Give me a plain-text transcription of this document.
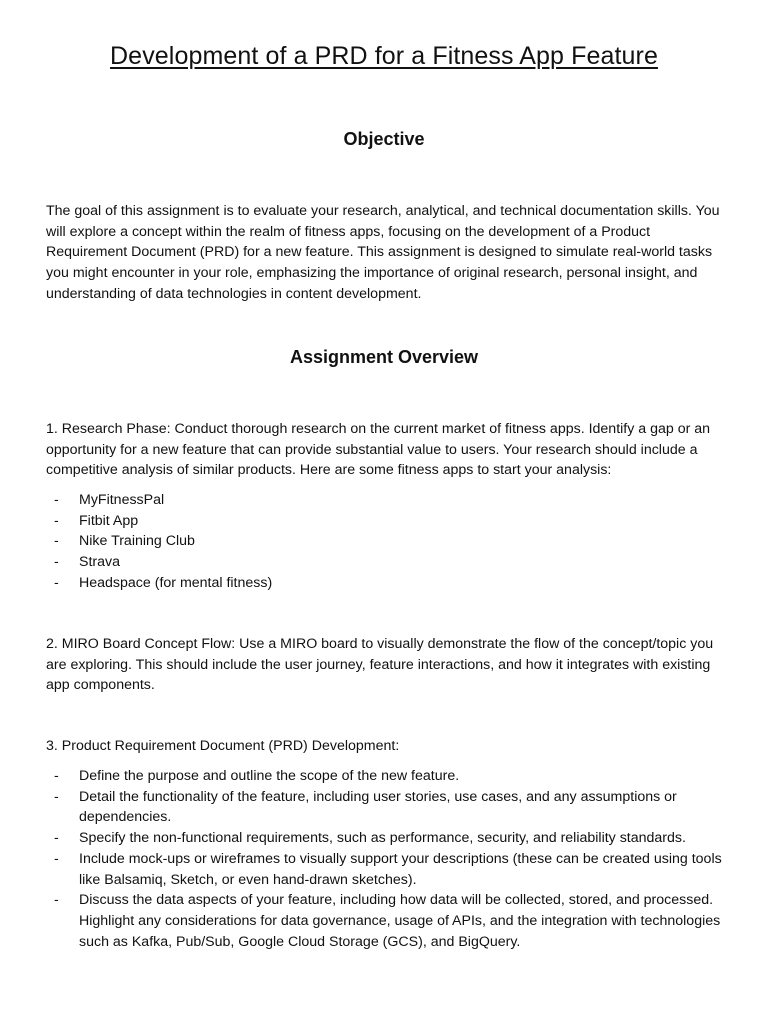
Development of a PRD for a Fitness App Feature
Objective

The goal of this assignment is to evaluate your research, analytical, and technical documentation skills. You will explore a concept within the realm of fitness apps, focusing on the development of a Product Requirement Document (PRD) for a new feature. This assignment is designed to simulate real-world tasks you might encounter in your role, emphasizing the importance of original research, personal insight, and understanding of data technologies in content development.

Assignment Overview

1. Research Phase: Conduct thorough research on the current market of fitness apps. Identify a gap or an opportunity for a new feature that can provide substantial value to users. Your research should include a competitive analysis of similar products. Here are some fitness apps to start your analysis:

- MyFitnessPal
- Fitbit App
- Nike Training Club
- Strava
- Headspace (for mental fitness)

2. MIRO Board Concept Flow: Use a MIRO board to visually demonstrate the flow of the concept/topic you are exploring. This should include the user journey, feature interactions, and how it integrates with existing app components.

3. Product Requirement Document (PRD) Development:

- Define the purpose and outline the scope of the new feature.
- Detail the functionality of the feature, including user stories, use cases, and any assumptions or dependencies.
- Specify the non-functional requirements, such as performance, security, and reliability standards.
- Include mock-ups or wireframes to visually support your descriptions (these can be created using tools like Balsamiq, Sketch, or even hand-drawn sketches).
- Discuss the data aspects of your feature, including how data will be collected, stored, and processed. Highlight any considerations for data governance, usage of APIs, and the integration with technologies such as Kafka, Pub/Sub, Google Cloud Storage (GCS), and BigQuery.
